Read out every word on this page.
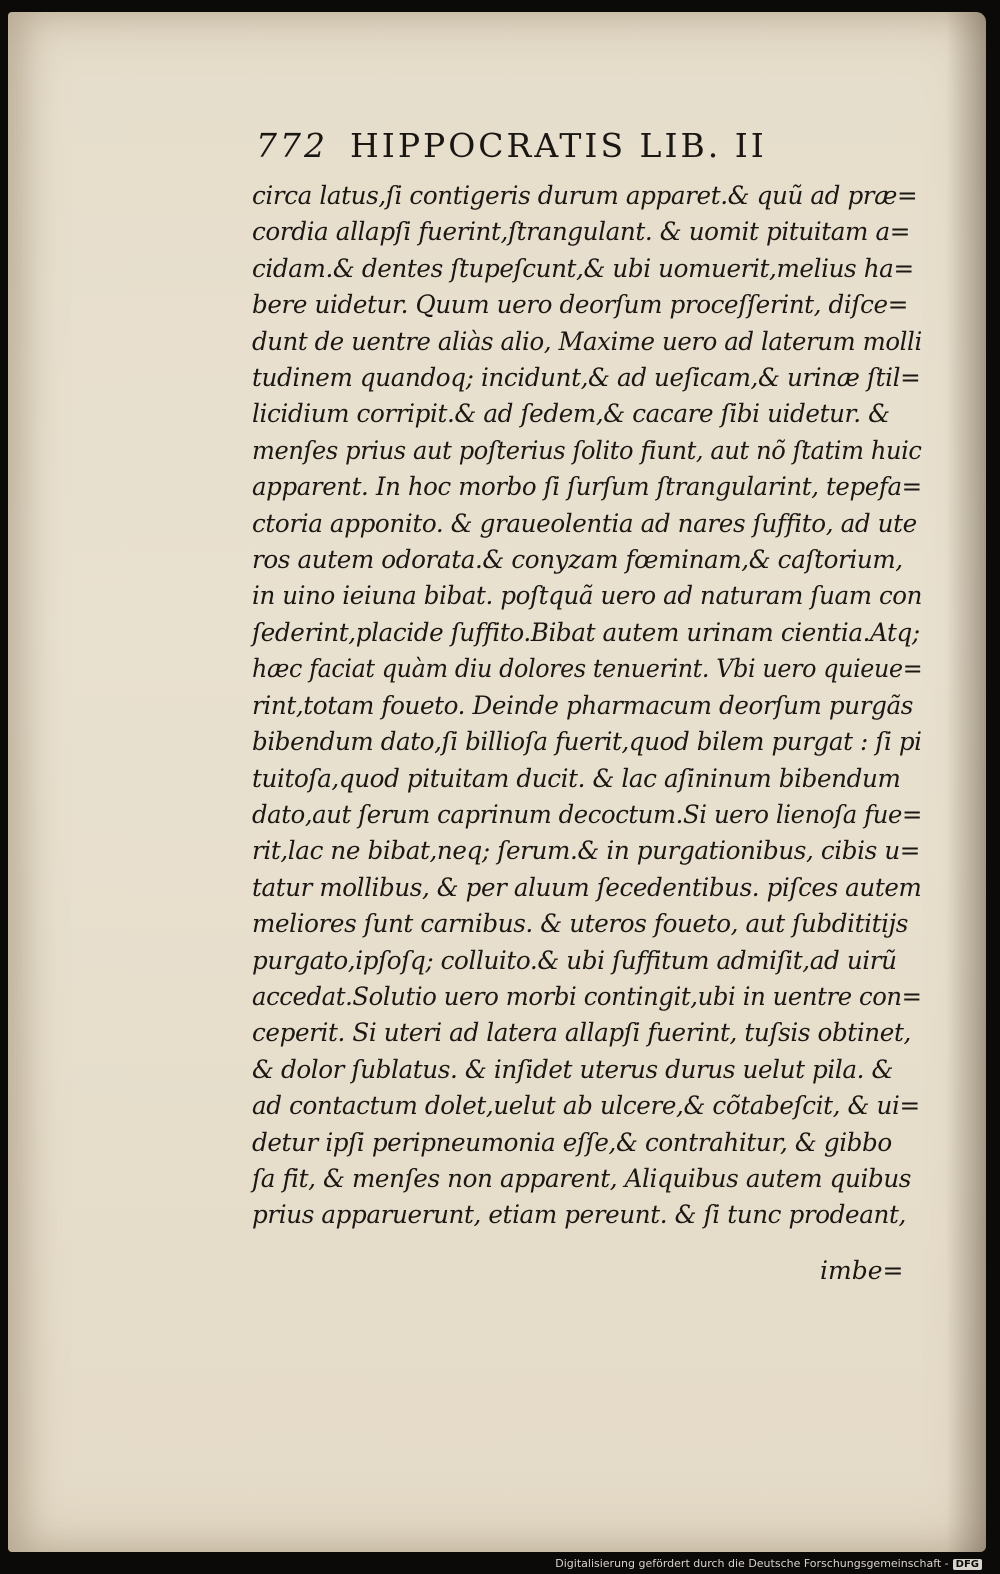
772 HIPPOCRATIS LIB. II
circa latus,ſi contigeris durum apparet.& quũ ad præ=
cordia allapſi fuerint,ſtrangulant. & uomit pituitam a=
cidam.& dentes ſtupeſcunt,& ubi uomuerit,melius ha=
bere uidetur. Quum uero deorſum proceſſerint, diſce=
dunt de uentre aliàs alio, Maxime uero ad laterum molli
tudinem quandoq; incidunt,& ad ueſicam,& urinæ ſtil=
licidium corripit.& ad ſedem,& cacare ſibi uidetur. &
menſes prius aut poſterius ſolito fiunt, aut nõ ſtatim huic
apparent. In hoc morbo ſi ſurſum ſtrangularint, tepefa=
ctoria apponito. & graueolentia ad nares ſuffito, ad ute
ros autem odorata.& conyzam fœminam,& caſtorium,
in uino ieiuna bibat. poſtquã uero ad naturam ſuam con
ſederint,placide ſuffito.Bibat autem urinam cientia.Atq;
hæc faciat quàm diu dolores tenuerint. Vbi uero quieue=
rint,totam foueto. Deinde pharmacum deorſum purgãs
bibendum dato,ſi billioſa fuerit,quod bilem purgat : ſi pi
tuitoſa,quod pituitam ducit. & lac aſininum bibendum
dato,aut ſerum caprinum decoctum.Si uero lienoſa fue=
rit,lac ne bibat,neq; ſerum.& in purgationibus, cibis u=
tatur mollibus, & per aluum ſecedentibus. piſces autem
meliores ſunt carnibus. & uteros foueto, aut ſubdititijs
purgato,ipſoſq; colluito.& ubi ſuffitum admiſit,ad uirũ
accedat.Solutio uero morbi contingit,ubi in uentre con=
ceperit. Si uteri ad latera allapſi fuerint, tuſsis obtinet,
& dolor ſublatus. & inſidet uterus durus uelut pila. &
ad contactum dolet,uelut ab ulcere,& cõtabeſcit, & ui=
detur ipſi peripneumonia eſſe,& contrahitur, & gibbo
ſa fit, & menſes non apparent, Aliquibus autem quibus
prius apparuerunt, etiam pereunt. & ſi tunc prodeant,
imbe=
Digitalisierung gefördert durch die Deutsche Forschungsgemeinschaft - DFG
